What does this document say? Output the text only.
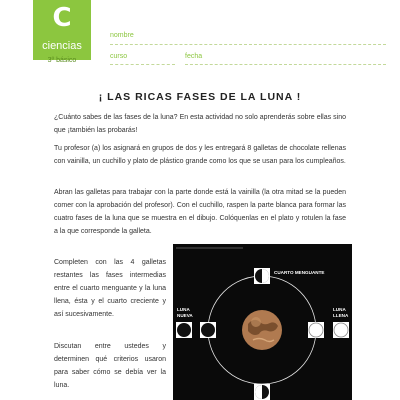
C
ciencias
3º básico
nombre
curso	fecha
¡ LAS RICAS FASES DE LA LUNA !

¿Cuánto sabes de las fases de la luna? En esta actividad no solo aprenderás sobre ellas sino que ¡también las probarás!

Tu profesor (a) los asignará en grupos de dos y les entregará 8 galletas de chocolate rellenas con vainilla, un cuchillo y plato de plástico grande como los que se usan para los cumpleaños.

Abran las galletas para trabajar con la parte donde está la vainilla (la otra mitad se la pueden comer con la aprobación del profesor). Con el cuchillo, raspen la parte blanca para formar las cuatro fases de la luna que se muestra en el dibujo. Colóquenlas en el plato y rotulen la fase a la que corresponde la galleta.

Completen con las 4 galletas restantes las fases intermedias entre el cuarto menguante y la luna llena, ésta y el cuarto creciente y así sucesivamente.

Discutan entre ustedes y determinen qué criterios usaron para saber cómo se debía ver la luna.

CUARTO MENGUANTE
LUNA
NUEVA
LUNA
LLENA
